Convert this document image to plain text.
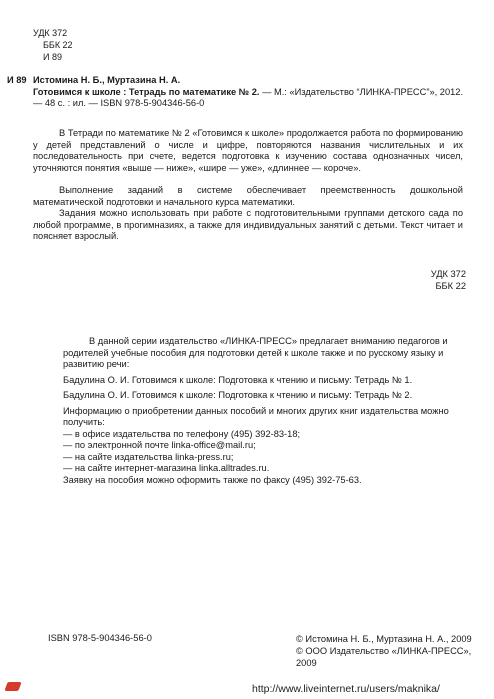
УДК 372
ББК 22
И 89
И 89 Истомина Н. Б., Муртазина Н. А.
Готовимся к школе : Тетрадь по математике № 2. — М.: «Издательство “ЛИНКА-ПРЕСС”», 2012. — 48 с. : ил. — ISBN 978-5-904346-56-0
В Тетради по математике № 2 «Готовимся к школе» продолжается работа по формированию у детей представлений о числе и цифре, повторяются названия числительных и их последовательность при счете, ведется подготовка к изучению состава однозначных чисел, уточняются понятия «выше — ниже», «шире — уже», «длиннее — короче».
Выполнение заданий в системе обеспечивает преемственность дошкольной математической подготовки и начального курса математики.
Задания можно использовать при работе с подготовительными группами детского сада по любой программе, в прогимназиях, а также для индивидуальных занятий с детьми. Текст читает и поясняет взрослый.
УДК 372
ББК 22

В данной серии издательство «ЛИНКА-ПРЕСС» предлагает вниманию педагогов и родителей учебные пособия для подготовки детей к школе также и по русскому языку и развитию речи:

Бадулина О. И. Готовимся к школе: Подготовка к чтению и письму: Тетрадь № 1.

Бадулина О. И. Готовимся к школе: Подготовка к чтению и письму: Тетрадь № 2.

Информацию о приобретении данных пособий и многих других книг издательства можно получить:

— в офисе издательства по телефону (495) 392-83-18;
— по электронной почте linka-office@mail.ru;
— на сайте издательства linka-press.ru;
— на сайте интернет-магазина linka.alltrades.ru.

Заявку на пособия можно оформить также по факсу (495) 392-75-63.

ISBN 978-5-904346-56-0	© Истомина Н. Б., Муртазина Н. А., 2009
© ООО Издательство «ЛИНКА-ПРЕСС», 2009
http://www.liveinternet.ru/users/maknika/
